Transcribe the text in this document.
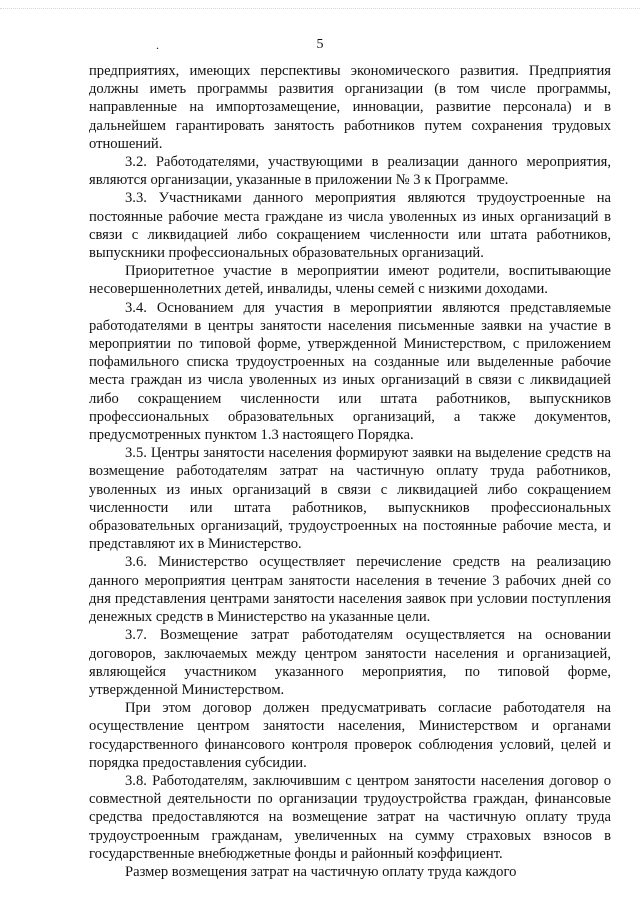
.	5

предприятиях, имеющих перспективы экономического развития. Предприятия должны иметь программы развития организации (в том числе программы, направленные на импортозамещение, инновации, развитие персонала) и в дальнейшем гарантировать занятость работников путем сохранения трудовых отношений.

3.2. Работодателями, участвующими в реализации данного мероприятия, являются организации, указанные в приложении № 3 к Программе.

3.3. Участниками данного мероприятия являются трудоустроенные на постоянные рабочие места граждане из числа уволенных из иных организаций в связи с ликвидацией либо сокращением численности или штата работников, выпускники профессиональных образовательных организаций.

Приоритетное участие в мероприятии имеют родители, воспитывающие несовершеннолетних детей, инвалиды, члены семей с низкими доходами.

3.4. Основанием для участия в мероприятии являются представляемые работодателями в центры занятости населения письменные заявки на участие в мероприятии по типовой форме, утвержденной Министерством, с приложением пофамильного списка трудоустроенных на созданные или выделенные рабочие места граждан из числа уволенных из иных организаций в связи с ликвидацией либо сокращением численности или штата работников, выпускников профессиональных образовательных организаций, а также документов, предусмотренных пунктом 1.3 настоящего Порядка.

3.5. Центры занятости населения формируют заявки на выделение средств на возмещение работодателям затрат на частичную оплату труда работников, уволенных из иных организаций в связи с ликвидацией либо сокращением численности или штата работников, выпускников профессиональных образовательных организаций, трудоустроенных на постоянные рабочие места, и представляют их в Министерство.

3.6. Министерство осуществляет перечисление средств на реализацию данного мероприятия центрам занятости населения в течение 3 рабочих дней со дня представления центрами занятости населения заявок при условии поступления денежных средств в Министерство на указанные цели.

3.7. Возмещение затрат работодателям осуществляется на основании договоров, заключаемых между центром занятости населения и организацией, являющейся участником указанного мероприятия, по типовой форме, утвержденной Министерством.

При этом договор должен предусматривать согласие работодателя на осуществление центром занятости населения, Министерством и органами государственного финансового контроля проверок соблюдения условий, целей и порядка предоставления субсидии.

3.8. Работодателям, заключившим с центром занятости населения договор о совместной деятельности по организации трудоустройства граждан, финансовые средства предоставляются на возмещение затрат на частичную оплату труда трудоустроенным гражданам, увеличенных на сумму страховых взносов в государственные внебюджетные фонды и районный коэффициент.

Размер возмещения затрат на частичную оплату труда каждого
